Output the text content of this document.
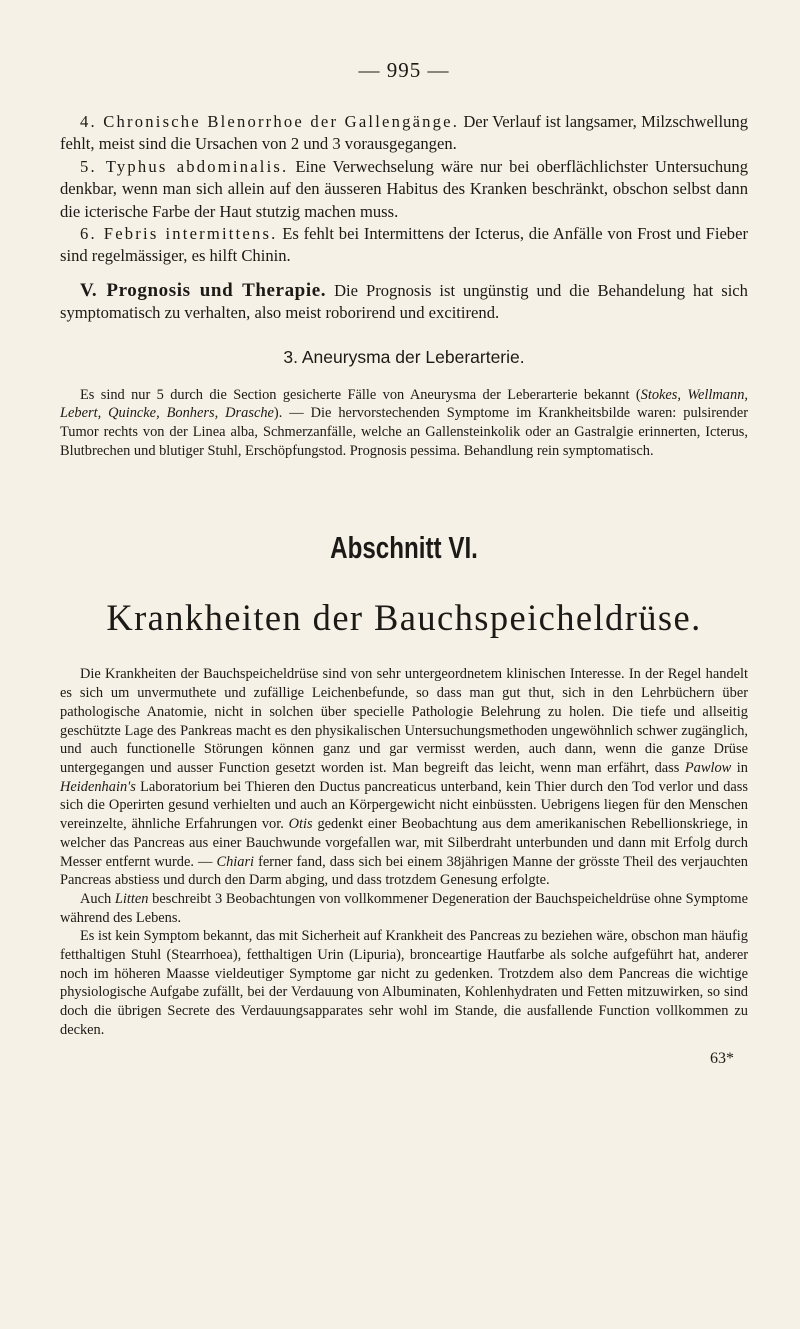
— 995 —

4. Chronische Blenorrhoe der Gallengänge. Der Verlauf ist langsamer, Milzschwellung fehlt, meist sind die Ursachen von 2 und 3 vorausgegangen.

5. Typhus abdominalis. Eine Verwechselung wäre nur bei oberflächlichster Untersuchung denkbar, wenn man sich allein auf den äusseren Habitus des Kranken beschränkt, obschon selbst dann die icterische Farbe der Haut stutzig machen muss.

6. Febris intermittens. Es fehlt bei Intermittens der Icterus, die Anfälle von Frost und Fieber sind regelmässiger, es hilft Chinin.

V. Prognosis und Therapie. Die Prognosis ist ungünstig und die Behandelung hat sich symptomatisch zu verhalten, also meist roborirend und excitirend.

3. Aneurysma der Leberarterie.

Es sind nur 5 durch die Section gesicherte Fälle von Aneurysma der Leberarterie bekannt (Stokes, Wellmann, Lebert, Quincke, Bonhers, Drasche). — Die hervorstechenden Symptome im Krankheitsbilde waren: pulsirender Tumor rechts von der Linea alba, Schmerzanfälle, welche an Gallensteinkolik oder an Gastralgie erinnerten, Icterus, Blutbrechen und blutiger Stuhl, Erschöpfungstod. Prognosis pessima. Behandlung rein symptomatisch.

Abschnitt VI.
Krankheiten der Bauchspeicheldrüse.

Die Krankheiten der Bauchspeicheldrüse sind von sehr untergeordnetem klinischen Interesse. In der Regel handelt es sich um unvermuthete und zufällige Leichenbefunde, so dass man gut thut, sich in den Lehrbüchern über pathologische Anatomie, nicht in solchen über specielle Pathologie Belehrung zu holen. Die tiefe und allseitig geschützte Lage des Pankreas macht es den physikalischen Untersuchungsmethoden ungewöhnlich schwer zugänglich, und auch functionelle Störungen können ganz und gar vermisst werden, auch dann, wenn die ganze Drüse untergegangen und ausser Function gesetzt worden ist. Man begreift das leicht, wenn man erfährt, dass Pawlow in Heidenhain's Laboratorium bei Thieren den Ductus pancreaticus unterband, kein Thier durch den Tod verlor und dass sich die Operirten gesund verhielten und auch an Körpergewicht nicht einbüssten. Uebrigens liegen für den Menschen vereinzelte, ähnliche Erfahrungen vor. Otis gedenkt einer Beobachtung aus dem amerikanischen Rebellionskriege, in welcher das Pancreas aus einer Bauchwunde vorgefallen war, mit Silberdraht unterbunden und dann mit Erfolg durch Messer entfernt wurde. — Chiari ferner fand, dass sich bei einem 38jährigen Manne der grösste Theil des verjauchten Pancreas abstiess und durch den Darm abging, und dass trotzdem Genesung erfolgte.

Auch Litten beschreibt 3 Beobachtungen von vollkommener Degeneration der Bauchspeicheldrüse ohne Symptome während des Lebens.

Es ist kein Symptom bekannt, das mit Sicherheit auf Krankheit des Pancreas zu beziehen wäre, obschon man häufig fetthaltigen Stuhl (Stearrhoea), fetthaltigen Urin (Lipuria), bronceartige Hautfarbe als solche aufgeführt hat, anderer noch im höheren Maasse vieldeutiger Symptome gar nicht zu gedenken. Trotzdem also dem Pancreas die wichtige physiologische Aufgabe zufällt, bei der Verdauung von Albuminaten, Kohlenhydraten und Fetten mitzuwirken, so sind doch die übrigen Secrete des Verdauungsapparates sehr wohl im Stande, die ausfallende Function vollkommen zu decken.

63*
